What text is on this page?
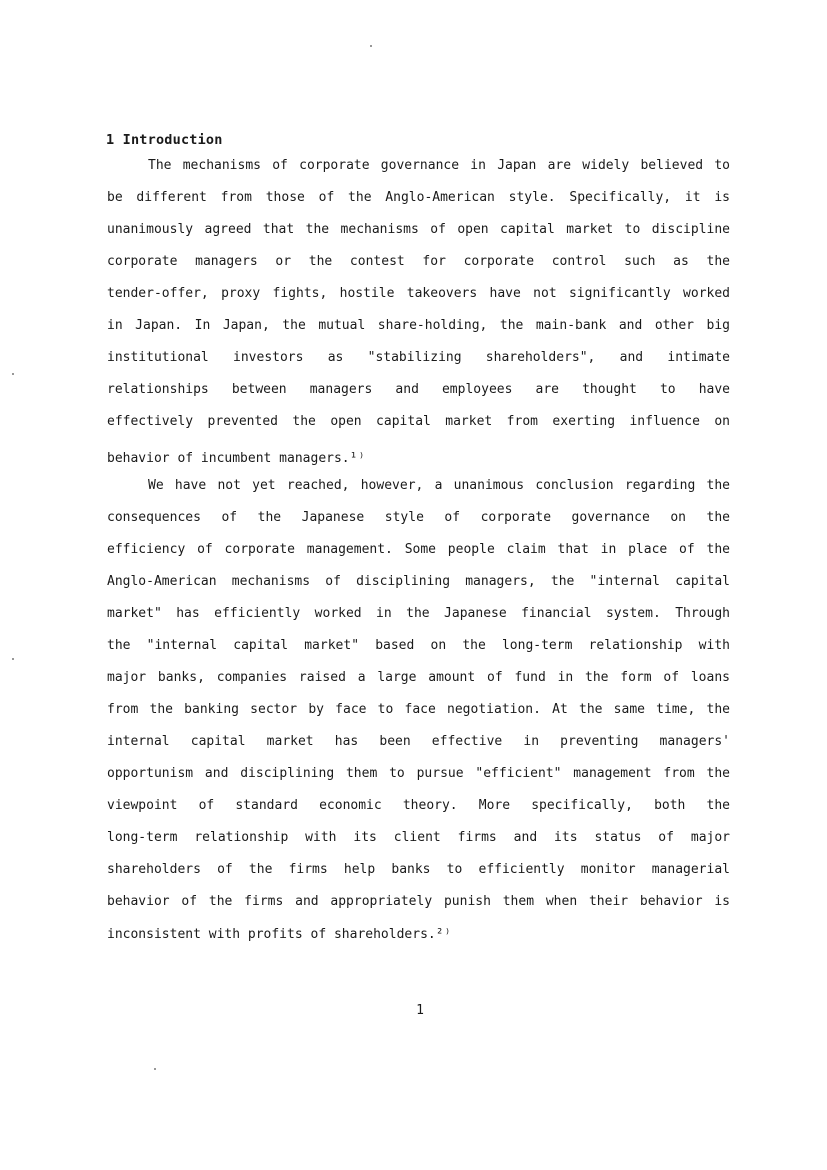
1 Introduction
The mechanisms of corporate governance in Japan are widely believed to
be different from those of the Anglo-American style. Specifically, it is
unanimously agreed that the mechanisms of open capital market to discipline
corporate managers or the contest for corporate control such as the
tender-offer, proxy fights, hostile takeovers have not significantly worked
in Japan. In Japan, the mutual share-holding, the main-bank and other big
institutional investors as "stabilizing shareholders", and intimate
relationships between managers and employees are thought to have
effectively prevented the open capital market from exerting influence on
behavior of incumbent managers.¹⁾
We have not yet reached, however, a unanimous conclusion regarding the
consequences of the Japanese style of corporate governance on the
efficiency of corporate management. Some people claim that in place of the
Anglo-American mechanisms of disciplining managers, the "internal capital
market" has efficiently worked in the Japanese financial system. Through
the "internal capital market" based on the long-term relationship with
major banks, companies raised a large amount of fund in the form of loans
from the banking sector by face to face negotiation. At the same time, the
internal capital market has been effective in preventing managers'
opportunism and disciplining them to pursue "efficient" management from the
viewpoint of standard economic theory. More specifically, both the
long-term relationship with its client firms and its status of major
shareholders of the firms help banks to efficiently monitor managerial
behavior of the firms and appropriately punish them when their behavior is
inconsistent with profits of shareholders.²⁾
1
